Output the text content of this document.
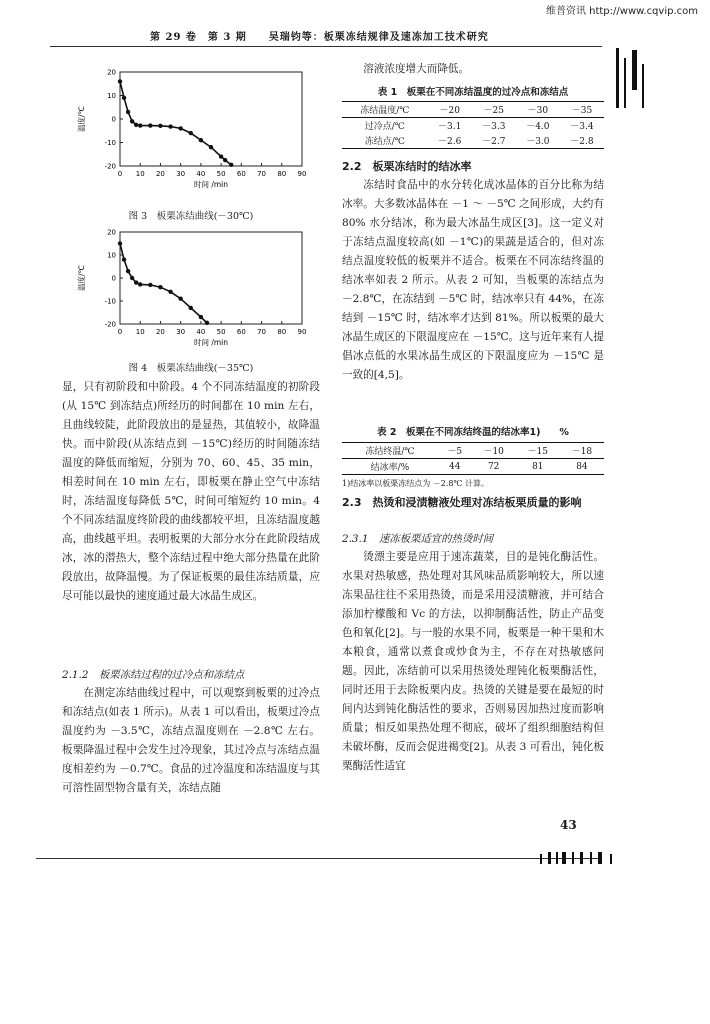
维普资讯 http://www.cqvip.com
第 29 卷　第 3 期　　吴瑞钧等：板栗冻结规律及速冻加工技术研究
0 10 20 30 40 50 60 70 80 90
20
10
0
-10
-20
时间 /min
温度/℃
图 3　板栗冻结曲线(－30℃)
0 10 20 30 40 50 60 70 80 90
20
10
0
-10
-20
时间 /min
温度/℃
图 4　板栗冻结曲线(－35℃)

显，只有初阶段和中阶段。4 个不同冻结温度的初阶段(从 15℃ 到冻结点)所经历的时间都在 10 min 左右，且曲线较陡，此阶段放出的是显热，其值较小，故降温快。而中阶段(从冻结点到 －15℃)经历的时间随冻结温度的降低而缩短，分别为 70、60、45、35 min，相差时间在 10 min 左右，即板栗在静止空气中冻结时，冻结温度每降低 5℃，时间可缩短约 10 min。4 个不同冻结温度终阶段的曲线都较平坦，且冻结温度越高，曲线越平坦。表明板栗的大部分水分在此阶段结成冰，冰的潜热大，整个冻结过程中绝大部分热量在此阶段放出，故降温慢。为了保证板栗的最佳冻结质量，应尽可能以最快的速度通过最大冰晶生成区。

2.1.2　板栗冻结过程的过冷点和冻结点

在测定冻结曲线过程中，可以观察到板栗的过冷点和冻结点(如表 1 所示)。从表 1 可以看出，板栗过冷点温度约为 －3.5℃，冻结点温度则在 －2.8℃ 左右。板栗降温过程中会发生过冷现象，其过冷点与冻结点温度相差约为 －0.7℃。食品的过冷温度和冻结温度与其可溶性固型物含量有关，冻结点随

溶液浓度增大而降低。

表 1　板栗在不同冻结温度的过冷点和冻结点
冻结温度/℃	－20	－25	－30	－35
过冷点/℃	－3.1	－3.3	－4.0	－3.4
冻结点/℃	－2.6	－2.7	－3.0	－2.8
2.2　板栗冻结时的结冰率

冻结时食品中的水分转化成冰晶体的百分比称为结冰率。大多数冰晶体在 －1 ～ －5℃ 之间形成，大约有 80% 水分结冰，称为最大冰晶生成区[3]。这一定义对于冻结点温度较高(如 －1℃)的果蔬是适合的，但对冻结点温度较低的板栗并不适合。板栗在不同冻结终温的结冰率如表 2 所示。从表 2 可知，当板栗的冻结点为 －2.8℃，在冻结到 －5℃ 时，结冰率只有 44%，在冻结到 －15℃ 时，结冰率才达到 81%。所以板栗的最大冰晶生成区的下限温度应在 －15℃。这与近年来有人提倡冰点低的水果冰晶生成区的下限温度应为 －15℃ 是一致的[4,5]。

表 2　板栗在不同冻结终温的结冰率1)　　%
冻结终温/℃	－5	－10	－15	－18
结冰率/%	44	72	81	84
1)结冰率以板栗冻结点为 －2.8℃ 计算。
2.3　热烫和浸渍糖液处理对冻结板栗质量的影响
2.3.1　速冻板栗适宜的热烫时间

烫漂主要是应用于速冻蔬菜，目的是钝化酶活性。水果对热敏感，热处理对其风味品质影响较大，所以速冻果品往往不采用热烫，而是采用浸渍糖液，并可结合添加柠檬酸和 Vc 的方法，以抑制酶活性，防止产品变色和氧化[2]。与一般的水果不同，板栗是一种干果和木本粮食，通常以煮食或炒食为主，不存在对热敏感问题。因此，冻结前可以采用热烫处理钝化板栗酶活性，同时还用于去除板栗内皮。热烫的关键是要在最短的时间内达到钝化酶活性的要求，否则易因加热过度而影响质量；相反如果热处理不彻底，破坏了组织细胞结构但未破坏酶，反而会促进褐变[2]。从表 3 可看出，钝化板栗酶活性适宜

43
